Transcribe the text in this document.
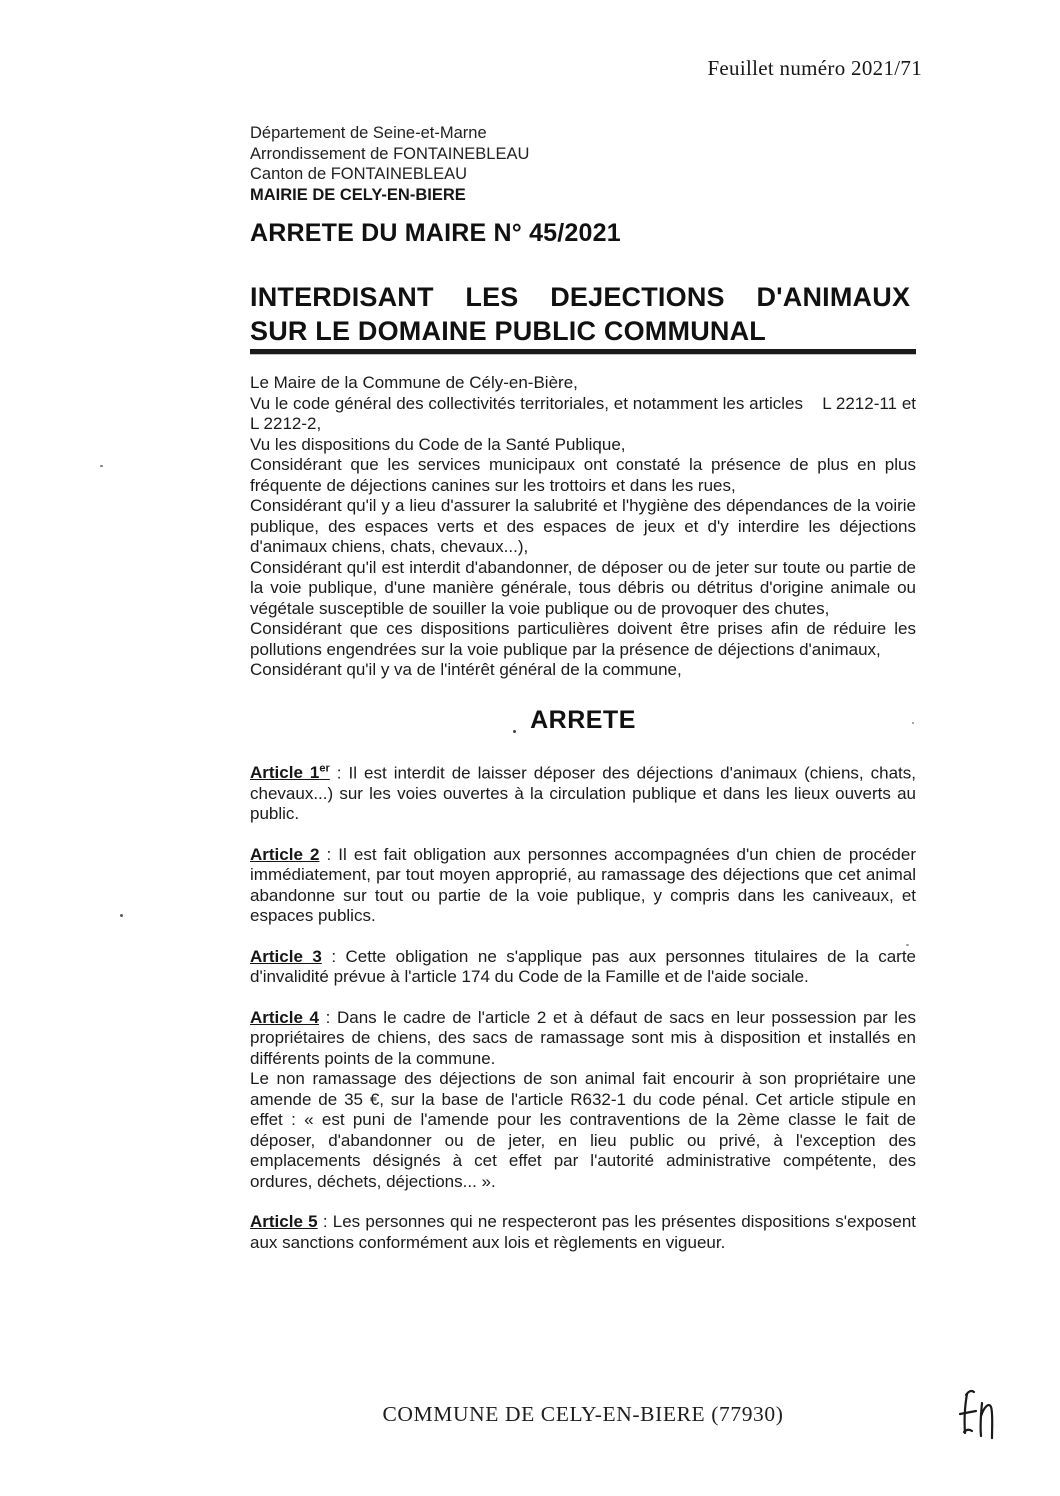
Feuillet numéro 2021/71
Département de Seine-et-Marne
Arrondissement de FONTAINEBLEAU
Canton de FONTAINEBLEAU
MAIRIE DE CELY-EN-BIERE
ARRETE DU MAIRE N° 45/2021
INTERDISANT LES DEJECTIONS D'ANIMAUX
SUR LE DOMAINE PUBLIC COMMUNAL

Le Maire de la Commune de Cély-en-Bière,

Vu le code général des collectivités territoriales, et notamment les articles    L 2212-11 et L 2212-2,

Vu les dispositions du Code de la Santé Publique,

Considérant que les services municipaux ont constaté la présence de plus en plus fréquente de déjections canines sur les trottoirs et dans les rues,

Considérant qu'il y a lieu d'assurer la salubrité et l'hygiène des dépendances de la voirie publique, des espaces verts et des espaces de jeux et d'y interdire les déjections d'animaux chiens, chats, chevaux...),

Considérant qu'il est interdit d'abandonner, de déposer ou de jeter sur toute ou partie de la voie publique, d'une manière générale, tous débris ou détritus d'origine animale ou végétale susceptible de souiller la voie publique ou de provoquer des chutes,

Considérant que ces dispositions particulières doivent être prises afin de réduire les pollutions engendrées sur la voie publique par la présence de déjections d'animaux,

Considérant qu'il y va de l'intérêt général de la commune,

ARRETE

Article 1er : Il est interdit de laisser déposer des déjections d'animaux (chiens, chats, chevaux...) sur les voies ouvertes à la circulation publique et dans les lieux ouverts au public.

Article 2 : Il est fait obligation aux personnes accompagnées d'un chien de procéder immédiatement, par tout moyen approprié, au ramassage des déjections que cet animal abandonne sur tout ou partie de la voie publique, y compris dans les caniveaux, et espaces publics.

Article 3 : Cette obligation ne s'applique pas aux personnes titulaires de la carte d'invalidité prévue à l'article 174 du Code de la Famille et de l'aide sociale.

Article 4 : Dans le cadre de l'article 2 et à défaut de sacs en leur possession par les propriétaires de chiens, des sacs de ramassage sont mis à disposition et installés en différents points de la commune.

Le non ramassage des déjections de son animal fait encourir à son propriétaire une amende de 35 €, sur la base de l'article R632-1 du code pénal. Cet article stipule en effet : « est puni de l'amende pour les contraventions de la 2ème classe le fait de déposer, d'abandonner ou de jeter, en lieu public ou privé, à l'exception des emplacements désignés à cet effet par l'autorité administrative compétente, des ordures, déchets, déjections... ».

Article 5 : Les personnes qui ne respecteront pas les présentes dispositions s'exposent aux sanctions conformément aux lois et règlements en vigueur.

COMMUNE DE CELY-EN-BIERE (77930)
